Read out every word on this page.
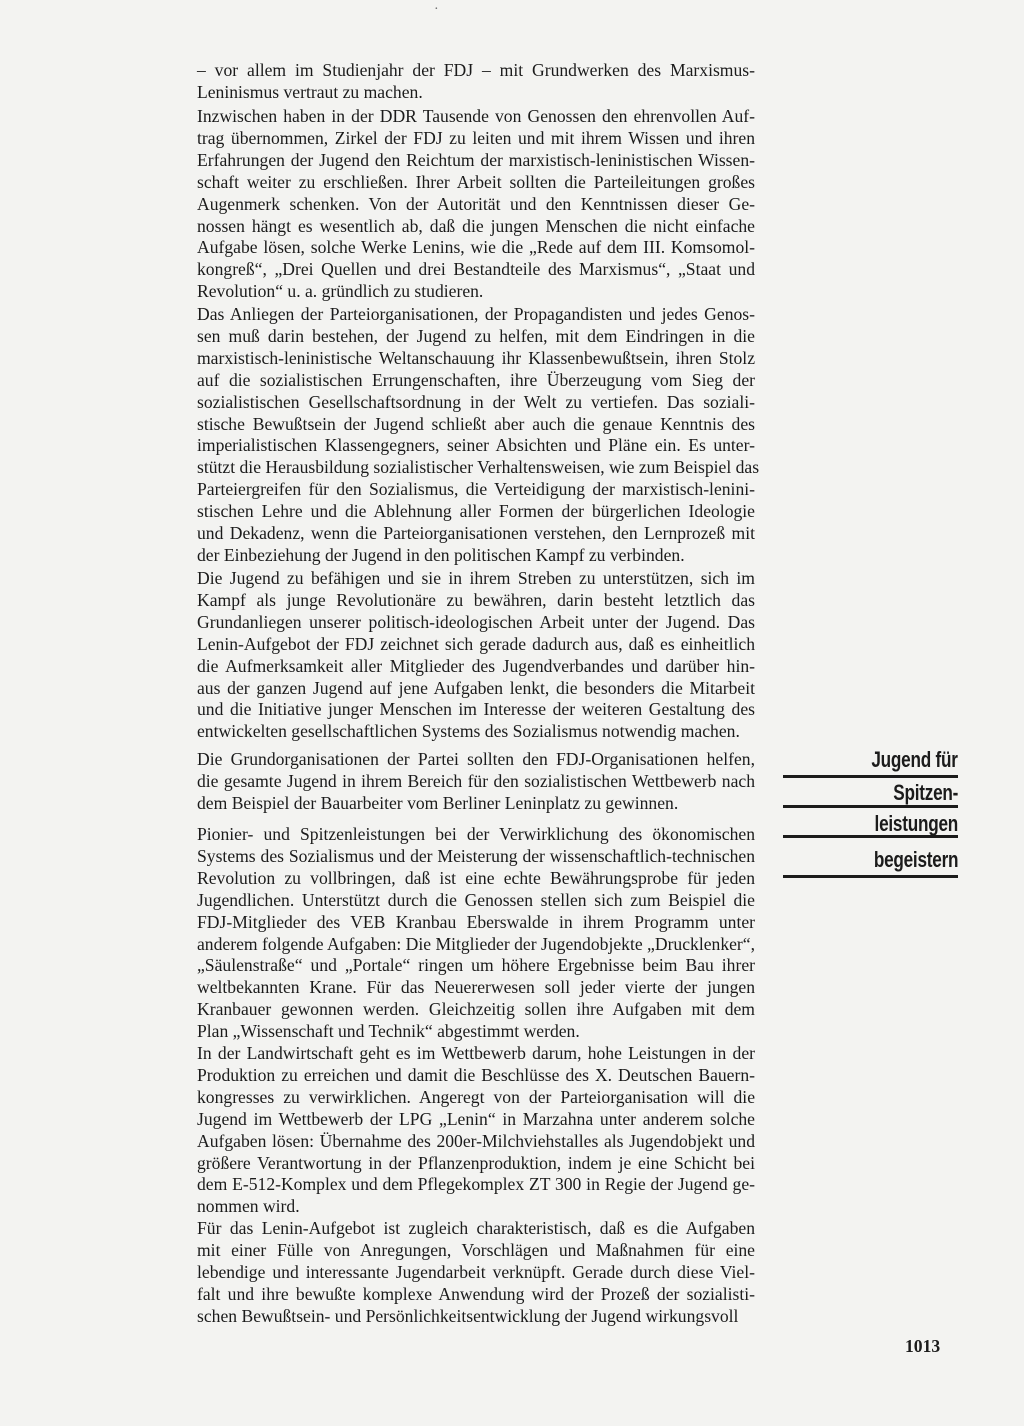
·
– vor allem im Studienjahr der FDJ – mit Grundwerken des Marxismus-
Leninismus vertraut zu machen.
Inzwischen haben in der DDR Tausende von Genossen den ehrenvollen Auf-
trag übernommen, Zirkel der FDJ zu leiten und mit ihrem Wissen und ihren
Erfahrungen der Jugend den Reichtum der marxistisch-leninistischen Wissen-
schaft weiter zu erschließen. Ihrer Arbeit sollten die Parteileitungen großes
Augenmerk schenken. Von der Autorität und den Kenntnissen dieser Ge-
nossen hängt es wesentlich ab, daß die jungen Menschen die nicht einfache
Aufgabe lösen, solche Werke Lenins, wie die „Rede auf dem III. Komsomol-
kongreß“, „Drei Quellen und drei Bestandteile des Marxismus“, „Staat und
Revolution“ u. a. gründlich zu studieren.
Das Anliegen der Parteiorganisationen, der Propagandisten und jedes Genos-
sen muß darin bestehen, der Jugend zu helfen, mit dem Eindringen in die
marxistisch-leninistische Weltanschauung ihr Klassenbewußtsein, ihren Stolz
auf die sozialistischen Errungenschaften, ihre Überzeugung vom Sieg der
sozialistischen Gesellschaftsordnung in der Welt zu vertiefen. Das soziali-
stische Bewußtsein der Jugend schließt aber auch die genaue Kenntnis des
imperialistischen Klassengegners, seiner Absichten und Pläne ein. Es unter-
stützt die Herausbildung sozialistischer Verhaltensweisen, wie zum Beispiel das
Parteiergreifen für den Sozialismus, die Verteidigung der marxistisch-lenini-
stischen Lehre und die Ablehnung aller Formen der bürgerlichen Ideologie
und Dekadenz, wenn die Parteiorganisationen verstehen, den Lernprozeß mit
der Einbeziehung der Jugend in den politischen Kampf zu verbinden.
Die Jugend zu befähigen und sie in ihrem Streben zu unterstützen, sich im
Kampf als junge Revolutionäre zu bewähren, darin besteht letztlich das
Grundanliegen unserer politisch-ideologischen Arbeit unter der Jugend. Das
Lenin-Aufgebot der FDJ zeichnet sich gerade dadurch aus, daß es einheitlich
die Aufmerksamkeit aller Mitglieder des Jugendverbandes und darüber hin-
aus der ganzen Jugend auf jene Aufgaben lenkt, die besonders die Mitarbeit
und die Initiative junger Menschen im Interesse der weiteren Gestaltung des
entwickelten gesellschaftlichen Systems des Sozialismus notwendig machen.
Die Grundorganisationen der Partei sollten den FDJ-Organisationen helfen,
die gesamte Jugend in ihrem Bereich für den sozialistischen Wettbewerb nach
dem Beispiel der Bauarbeiter vom Berliner Leninplatz zu gewinnen.
Pionier- und Spitzenleistungen bei der Verwirklichung des ökonomischen
Systems des Sozialismus und der Meisterung der wissenschaftlich-technischen
Revolution zu vollbringen, daß ist eine echte Bewährungsprobe für jeden
Jugendlichen. Unterstützt durch die Genossen stellen sich zum Beispiel die
FDJ-Mitglieder des VEB Kranbau Eberswalde in ihrem Programm unter
anderem folgende Aufgaben: Die Mitglieder der Jugendobjekte „Drucklenker“,
„Säulenstraße“ und „Portale“ ringen um höhere Ergebnisse beim Bau ihrer
weltbekannten Krane. Für das Neuererwesen soll jeder vierte der jungen
Kranbauer gewonnen werden. Gleichzeitig sollen ihre Aufgaben mit dem
Plan „Wissenschaft und Technik“ abgestimmt werden.
In der Landwirtschaft geht es im Wettbewerb darum, hohe Leistungen in der
Produktion zu erreichen und damit die Beschlüsse des X. Deutschen Bauern-
kongresses zu verwirklichen. Angeregt von der Parteiorganisation will die
Jugend im Wettbewerb der LPG „Lenin“ in Marzahna unter anderem solche
Aufgaben lösen: Übernahme des 200er-Milchviehstalles als Jugendobjekt und
größere Verantwortung in der Pflanzenproduktion, indem je eine Schicht bei
dem E-512-Komplex und dem Pflegekomplex ZT 300 in Regie der Jugend ge-
nommen wird.
Für das Lenin-Aufgebot ist zugleich charakteristisch, daß es die Aufgaben
mit einer Fülle von Anregungen, Vorschlägen und Maßnahmen für eine
lebendige und interessante Jugendarbeit verknüpft. Gerade durch diese Viel-
falt und ihre bewußte komplexe Anwendung wird der Prozeß der sozialisti-
schen Bewußtsein- und Persönlichkeitsentwicklung der Jugend wirkungsvoll
Jugend für
Spitzen-
leistungen
begeistern
1013
